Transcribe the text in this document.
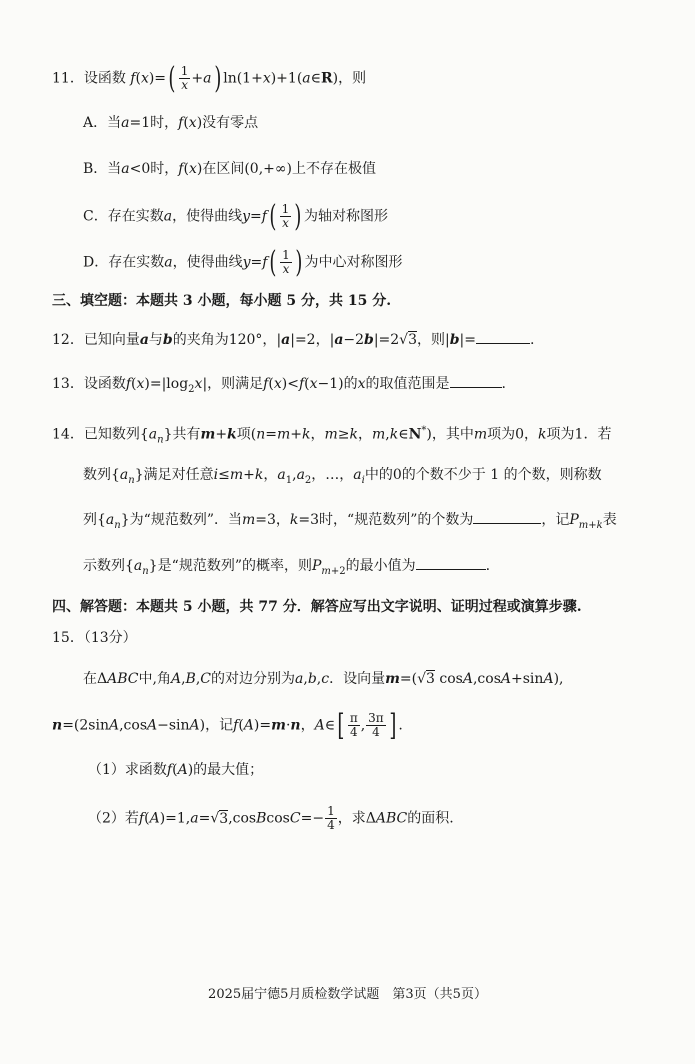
11．设函数 $f(x)=( \frac{1}{x} +a)$ ln(1+x)+1(a∈R)，则
A．当a=1时，f(x)没有零点
B．当a<0时，f(x)在区间(0,+∞)上不存在极值
C．存在实数a，使得曲线$y=f( \frac{1}{x}$ ) 为轴对称图形
D．存在实数a，使得曲线$y=f( \frac{1}{x}$ ) 为中心对称图形
三、填空题：本题共 3 小题，每小题 5 分，共 15 分.
12．已知向量a与b的夹角为120°，|a|=2，|a−2b|=2√3，则|b|=	.
13．设函数$f(x)=|\log_2x|$，则满足f(x)<f(x−1)的x的取值范围是	.
14．已知数列$\{a_n\}$共有m+k项(n=m+k，m≥k，m,k∈N*)，其中m项为0，k项为1．若
数列$\{a_n\}$满足对任意i≤m+k，$a_1,a_2$，…，$a_i$中的0的个数不少于 1 的个数，则称数
列$\{a_n\}$为“规范数列”．当m=3，k=3时，“规范数列”的个数为	，记$P_{m+k}$表
示数列$\{a_n\}$是“规范数列”的概率，则$P_{m+2}$的最小值为	.
四、解答题：本题共 5 小题，共 77 分．解答应写出文字说明、证明过程或演算步骤.
15．（13分）
在ΔABC中,角A,B,C的对边分别为a,b,c．设向量m=(√3 cosA,cosA+sinA),
n=(2sinA,cosA−sinA)，记f(A)=m·n，A∈[ $\frac{\pi}{4}$ , $\frac{3\pi}{4}$ ] .
（1）求函数f(A)的最大值；
（2）若f(A)=1,a=√3,cosBcosC=− $\frac{1}{4}$ ，求ΔABC的面积.
2025届宁德5月质检数学试题　第3页（共5页）
